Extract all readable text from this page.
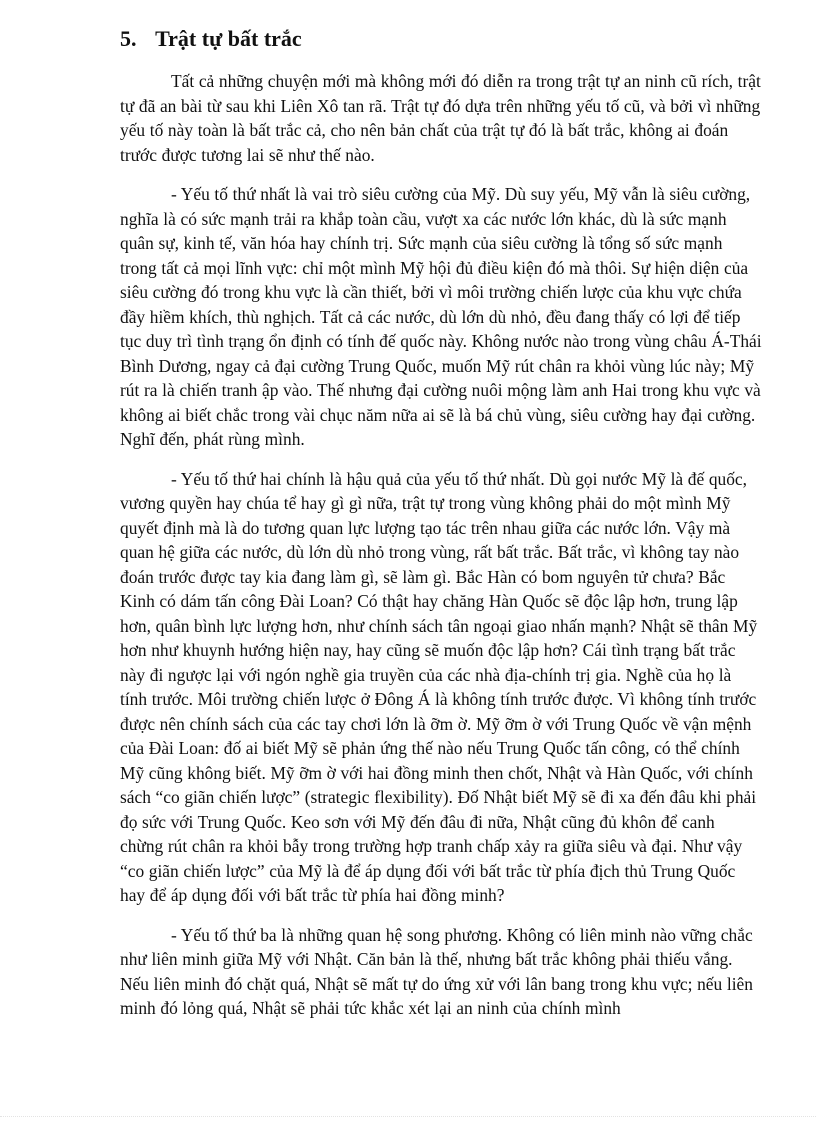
5. Trật tự bất trắc

Tất cả những chuyện mới mà không mới đó diễn ra trong trật tự an ninh cũ rích, trật tự đã an bài từ sau khi Liên Xô tan rã. Trật tự đó dựa trên những yếu tố cũ, và bởi vì những yếu tố này toàn là bất trắc cả, cho nên bản chất của trật tự đó là bất trắc, không ai đoán trước được tương lai sẽ như thế nào.

- Yếu tố thứ nhất là vai trò siêu cường của Mỹ. Dù suy yếu, Mỹ vẫn là siêu cường, nghĩa là có sức mạnh trải ra khắp toàn cầu, vượt xa các nước lớn khác, dù là sức mạnh quân sự, kinh tế, văn hóa hay chính trị. Sức mạnh của siêu cường là tổng số sức mạnh trong tất cả mọi lĩnh vực: chỉ một mình Mỹ hội đủ điều kiện đó mà thôi. Sự hiện diện của siêu cường đó trong khu vực là cần thiết, bởi vì môi trường chiến lược của khu vực chứa đầy hiềm khích, thù nghịch. Tất cả các nước, dù lớn dù nhỏ, đều đang thấy có lợi để tiếp tục duy trì tình trạng ổn định có tính đế quốc này. Không nước nào trong vùng châu Á-Thái Bình Dương, ngay cả đại cường Trung Quốc, muốn Mỹ rút chân ra khỏi vùng lúc này; Mỹ rút ra là chiến tranh ập vào. Thế nhưng đại cường nuôi mộng làm anh Hai trong khu vực và không ai biết chắc trong vài chục năm nữa ai sẽ là bá chủ vùng, siêu cường hay đại cường. Nghĩ đến, phát rùng mình.

- Yếu tố thứ hai chính là hậu quả của yếu tố thứ nhất. Dù gọi nước Mỹ là đế quốc, vương quyền hay chúa tể hay gì gì nữa, trật tự trong vùng không phải do một mình Mỹ quyết định mà là do tương quan lực lượng tạo tác trên nhau giữa các nước lớn. Vậy mà quan hệ giữa các nước, dù lớn dù nhỏ trong vùng, rất bất trắc. Bất trắc, vì không tay nào đoán trước được tay kia đang làm gì, sẽ làm gì. Bắc Hàn có bom nguyên tử chưa? Bắc Kinh có dám tấn công Đài Loan? Có thật hay chăng Hàn Quốc sẽ độc lập hơn, trung lập hơn, quân bình lực lượng hơn, như chính sách tân ngoại giao nhấn mạnh? Nhật sẽ thân Mỹ hơn như khuynh hướng hiện nay, hay cũng sẽ muốn độc lập hơn? Cái tình trạng bất trắc này đi ngược lại với ngón nghề gia truyền của các nhà địa-chính trị gia. Nghề của họ là tính trước. Môi trường chiến lược ở Đông Á là không tính trước được. Vì không tính trước được nên chính sách của các tay chơi lớn là ỡm ờ. Mỹ ỡm ờ với Trung Quốc về vận mệnh của Đài Loan: đố ai biết Mỹ sẽ phản ứng thế nào nếu Trung Quốc tấn công, có thể chính Mỹ cũng không biết. Mỹ ỡm ờ với hai đồng minh then chốt, Nhật và Hàn Quốc, với chính sách “co giãn chiến lược” (strategic flexibility). Đố Nhật biết Mỹ sẽ đi xa đến đâu khi phải đọ sức với Trung Quốc. Keo sơn với Mỹ đến đâu đi nữa, Nhật cũng đủ khôn để canh chừng rút chân ra khỏi bẫy trong trường hợp tranh chấp xảy ra giữa siêu và đại. Như vậy “co giãn chiến lược” của Mỹ là để áp dụng đối với bất trắc từ phía địch thủ Trung Quốc hay để áp dụng đối với bất trắc từ phía hai đồng minh?

- Yếu tố thứ ba là những quan hệ song phương. Không có liên minh nào vững chắc như liên minh giữa Mỹ với Nhật. Căn bản là thế, nhưng bất trắc không phải thiếu vắng. Nếu liên minh đó chặt quá, Nhật sẽ mất tự do ứng xử với lân bang trong khu vực; nếu liên minh đó lỏng quá, Nhật sẽ phải tức khắc xét lại an ninh của chính mình
